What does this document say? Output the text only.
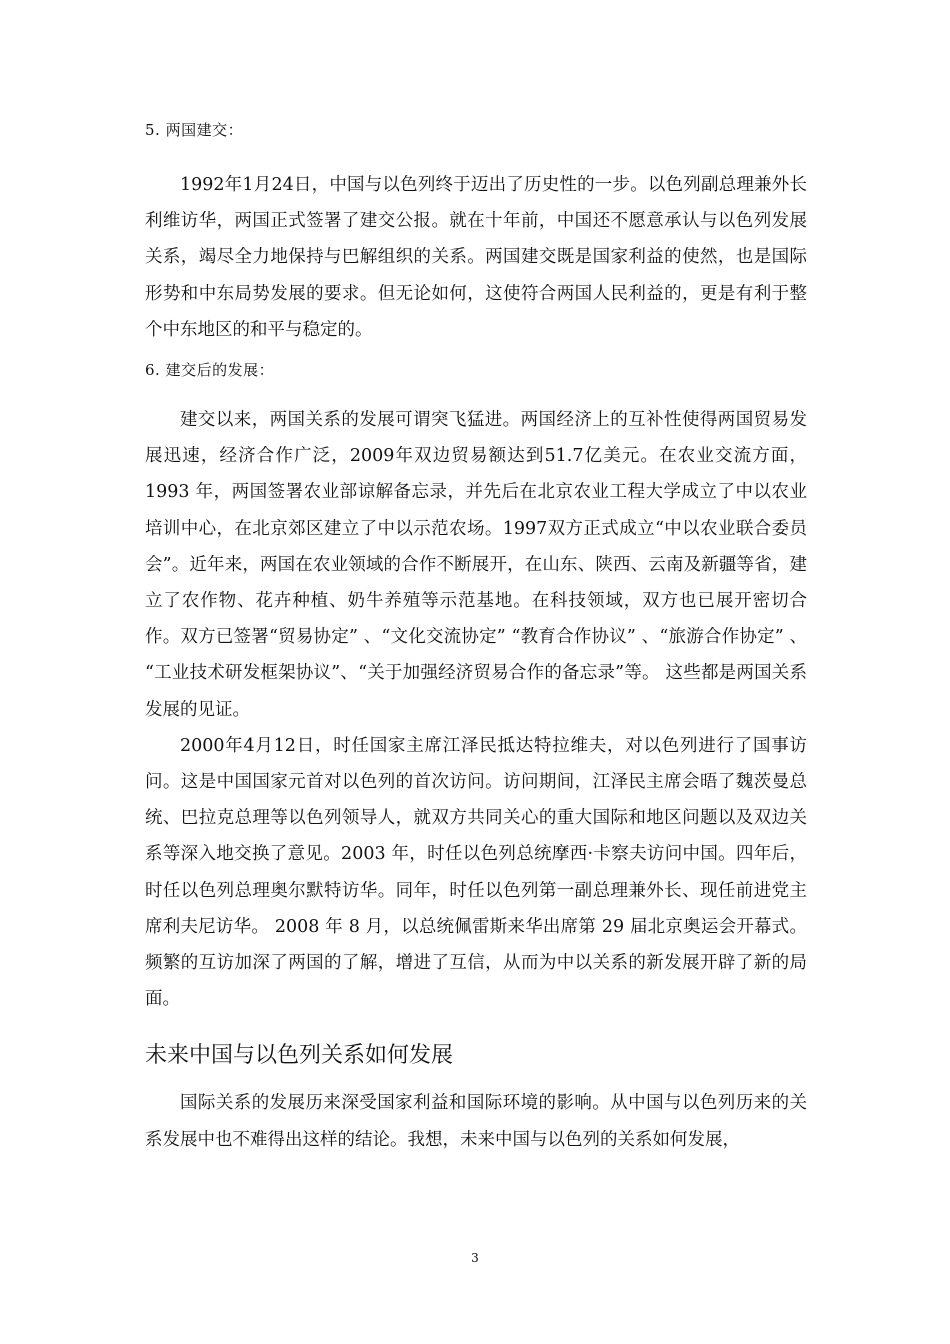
5. 两国建交：

1992年1月24日，中国与以色列终于迈出了历史性的一步。以色列副总理兼外长利维访华，两国正式签署了建交公报。就在十年前，中国还不愿意承认与以色列发展关系，竭尽全力地保持与巴解组织的关系。两国建交既是国家利益的使然，也是国际形势和中东局势发展的要求。但无论如何，这使符合两国人民利益的，更是有利于整个中东地区的和平与稳定的。

6. 建交后的发展：

建交以来，两国关系的发展可谓突飞猛进。两国经济上的互补性使得两国贸易发展迅速，经济合作广泛，2009年双边贸易额达到51.7亿美元。在农业交流方面，1993 年，两国签署农业部谅解备忘录，并先后在北京农业工程大学成立了中以农业培训中心，在北京郊区建立了中以示范农场。1997双方正式成立“中以农业联合委员会”。近年来，两国在农业领域的合作不断展开，在山东、陕西、云南及新疆等省，建立了农作物、花卉种植、奶牛养殖等示范基地。在科技领域，双方也已展开密切合作。双方已签署“贸易协定” 、“文化交流协定” “教育合作协议” 、“旅游合作协定” 、 “工业技术研发框架协议”、“关于加强经济贸易合作的备忘录”等。 这些都是两国关系发展的见证。

2000年4月12日，时任国家主席江泽民抵达特拉维夫，对以色列进行了国事访问。这是中国国家元首对以色列的首次访问。访问期间，江泽民主席会晤了魏茨曼总统、巴拉克总理等以色列领导人，就双方共同关心的重大国际和地区问题以及双边关系等深入地交换了意见。2003 年，时任以色列总统摩西·卡察夫访问中国。四年后，时任以色列总理奥尔默特访华。同年，时任以色列第一副总理兼外长、现任前进党主席利夫尼访华。 2008 年 8 月，以总统佩雷斯来华出席第 29 届北京奥运会开幕式。频繁的互访加深了两国的了解，增进了互信，从而为中以关系的新发展开辟了新的局面。

未来中国与以色列关系如何发展

国际关系的发展历来深受国家利益和国际环境的影响。从中国与以色列历来的关系发展中也不难得出这样的结论。我想，未来中国与以色列的关系如何发展，

3
